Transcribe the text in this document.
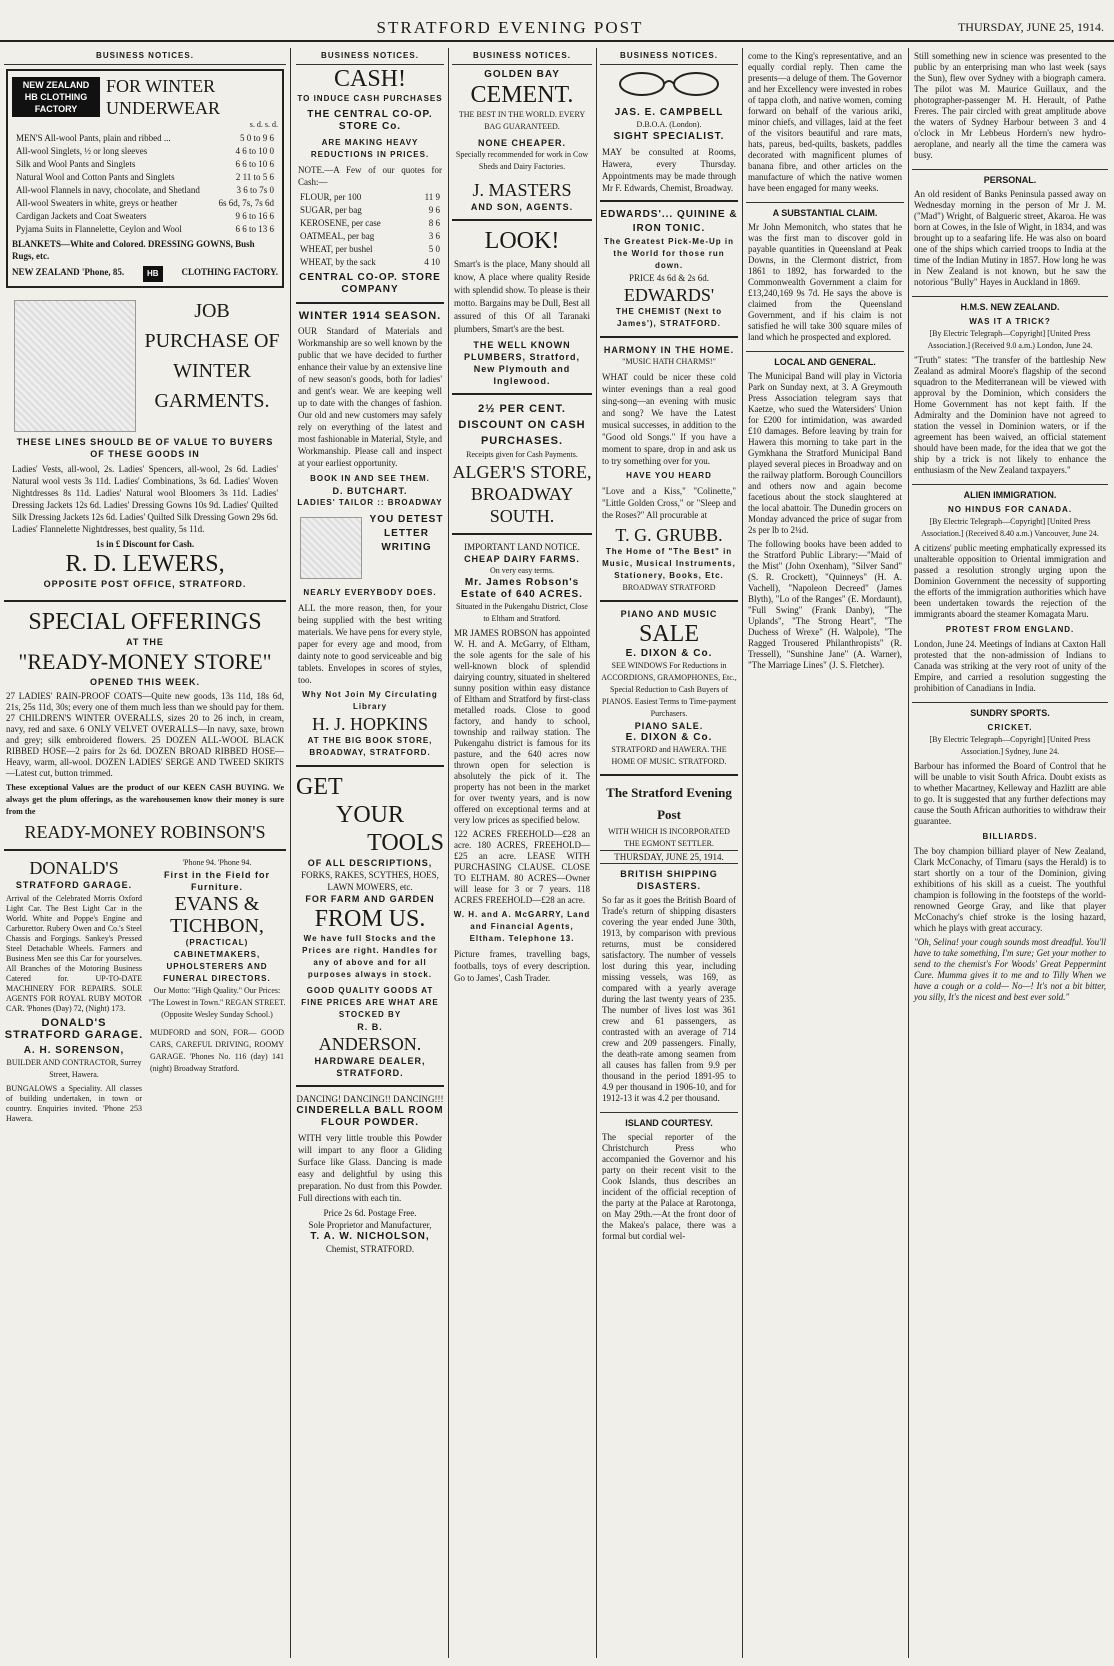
STRATFORD EVENING POST	THURSDAY, JUNE 25, 1914.
BUSINESS NOTICES.
NEW ZEALAND HB CLOTHING FACTORY
FOR WINTER UNDERWEAR
s. d. s. d.
MEN'S All-wool Pants, plain and ribbed ...	5 0 to 9 6
All-wool Singlets, ½ or long sleeves	4 6 to 10 0
Silk and Wool Pants and Singlets	6 6 to 10 6
Natural Wool and Cotton Pants and Singlets	2 11 to 5 6
All-wool Flannels in navy, chocolate, and Shetland	3 6 to 7s 0
All-wool Sweaters in white, greys or heather	6s 6d, 7s, 7s 6d
Cardigan Jackets and Coat Sweaters	9 6 to 16 6
Pyjama Suits in Flannelette, Ceylon and Wool	6 6 to 13 6
BLANKETS—White and Colored. DRESSING GOWNS, Bush Rugs, etc.
NEW ZEALAND 'Phone, 85.	HB	CLOTHING FACTORY.
JOB PURCHASE OF WINTER GARMENTS.
THESE LINES SHOULD BE OF VALUE TO BUYERS OF THESE GOODS IN
Ladies' Vests, all-wool, 2s. Ladies' Spencers, all-wool, 2s 6d. Ladies' Natural wool vests 3s 11d. Ladies' Combinations, 3s 6d. Ladies' Woven Nightdresses 8s 11d. Ladies' Natural wool Bloomers 3s 11d. Ladies' Dressing Jackets 12s 6d. Ladies' Dressing Gowns 10s 9d. Ladies' Quilted Silk Dressing Jackets 12s 6d. Ladies' Quilted Silk Dressing Gown 29s 6d. Ladies' Flannelette Nightdresses, best quality, 5s 11d.
1s in £ Discount for Cash.
R. D. LEWERS,
OPPOSITE POST OFFICE, STRATFORD.
SPECIAL OFFERINGS
AT THE
"READY-MONEY STORE"
OPENED THIS WEEK.
27 LADIES' RAIN-PROOF COATS—Quite new goods, 13s 11d, 18s 6d, 21s, 25s 11d, 30s; every one of them much less than we should pay for them. 27 CHILDREN'S WINTER OVERALLS, sizes 20 to 26 inch, in cream, navy, red and saxe. 6 ONLY VELVET OVERALLS—In navy, saxe, brown and grey; silk embroidered flowers. 25 DOZEN ALL-WOOL BLACK RIBBED HOSE—2 pairs for 2s 6d. DOZEN BROAD RIBBED HOSE—Heavy, warm, all-wool. DOZEN LADIES' SERGE AND TWEED SKIRTS—Latest cut, button trimmed.
These exceptional Values are the product of our KEEN CASH BUYING. We always get the plum offerings, as the warehousemen know their money is sure from the
READY-MONEY ROBINSON'S
DONALD'S
STRATFORD GARAGE.
Arrival of the Celebrated Morris Oxford Light Car. The Best Light Car in the World. White and Poppe's Engine and Carburettor. Rubery Owen and Co.'s Steel Chassis and Forgings. Sankey's Pressed Steel Detachable Wheels. Farmers and Business Men see this Car for yourselves. All Branches of the Motoring Business Catered for. UP-TO-DATE MACHINERY FOR REPAIRS. SOLE AGENTS FOR ROYAL RUBY MOTOR CAR. 'Phones (Day) 72, (Night) 173.
DONALD'S STRATFORD GARAGE.
A. H. SORENSON,
BUILDER AND CONTRACTOR, Surrey Street, Hawera.
BUNGALOWS a Speciality. All classes of building undertaken, in town or country. Enquiries invited. 'Phone 253 Hawera.
'Phone 94. 'Phone 94.
First in the Field for Furniture.
EVANS & TICHBON,
(PRACTICAL) CABINETMAKERS, UPHOLSTERERS AND FUNERAL DIRECTORS.
Our Motto: "High Quality." Our Prices: "The Lowest in Town." REGAN STREET. (Opposite Wesley Sunday School.)
MUDFORD and SON, FOR— GOOD CARS, CAREFUL DRIVING, ROOMY GARAGE. 'Phones No. 116 (day) 141 (night) Broadway Stratford.
BUSINESS NOTICES.
CASH!
TO INDUCE CASH PURCHASES
THE CENTRAL CO-OP. STORE Co.
ARE MAKING HEAVY REDUCTIONS IN PRICES.
NOTE.—A Few of our quotes for Cash:—
FLOUR, per 100	11 9
SUGAR, per bag	9 6
KEROSENE, per case	8 6
OATMEAL, per bag	3 6
WHEAT, per bushel	5 0
WHEAT, by the sack	4 10
CENTRAL CO-OP. STORE COMPANY
WINTER 1914 SEASON.
OUR Standard of Materials and Workmanship are so well known by the public that we have decided to further enhance their value by an extensive line of new season's goods, both for ladies' and gent's wear. We are keeping well up to date with the changes of fashion. Our old and new customers may safely rely on everything of the latest and most fashionable in Material, Style, and Workmanship. Please call and inspect at your earliest opportunity.
BOOK IN AND SEE THEM.
D. BUTCHART.
LADIES' TAILOR :: BROADWAY
YOU DETEST LETTER WRITING
NEARLY EVERYBODY DOES.
ALL the more reason, then, for your being supplied with the best writing materials. We have pens for every style, paper for every age and mood, from dainty note to good serviceable and big tablets. Envelopes in scores of styles, too.
Why Not Join My Circulating Library
H. J. HOPKINS
AT THE BIG BOOK STORE, BROADWAY, STRATFORD.
GET
YOUR
TOOLS
OF ALL DESCRIPTIONS,
FORKS, RAKES, SCYTHES, HOES, LAWN MOWERS, etc.
FOR FARM AND GARDEN
FROM US.
We have full Stocks and the Prices are right. Handles for any of above and for all purposes always in stock.
GOOD QUALITY GOODS AT FINE PRICES ARE WHAT ARE STOCKED BY
R. B.
ANDERSON.
HARDWARE DEALER, STRATFORD.
DANCING! DANCING!! DANCING!!!
CINDERELLA BALL ROOM FLOUR POWDER.
WITH very little trouble this Powder will impart to any floor a Gliding Surface like Glass. Dancing is made easy and delightful by using this preparation. No dust from this Powder. Full directions with each tin.
Price 2s 6d. Postage Free.
Sole Proprietor and Manufacturer,
T. A. W. NICHOLSON,
Chemist, STRATFORD.
BUSINESS NOTICES.
GOLDEN BAY
CEMENT.
THE BEST IN THE WORLD. EVERY BAG GUARANTEED.
NONE CHEAPER.
Specially recommended for work in Cow Sheds and Dairy Factories.
J. MASTERS
AND SON, AGENTS.
LOOK!
Smart's is the place, Many should all know, A place where quality Reside with splendid show. To please is their motto. Bargains may be Dull, Best all assured of this Of all Taranaki plumbers, Smart's are the best.
THE WELL KNOWN PLUMBERS, Stratford, New Plymouth and Inglewood.
2½ PER CENT. DISCOUNT ON CASH PURCHASES.
Receipts given for Cash Payments.
ALGER'S STORE, BROADWAY SOUTH.
IMPORTANT LAND NOTICE.
CHEAP DAIRY FARMS.
On very easy terms.
Mr. James Robson's Estate of 640 ACRES.
Situated in the Pukengahu District, Close to Eltham and Stratford.
MR JAMES ROBSON has appointed W. H. and A. McGarry, of Eltham, the sole agents for the sale of his well-known block of splendid dairying country, situated in sheltered sunny position within easy distance of Eltham and Stratford by first-class metalled roads. Close to good factory, and handy to school, township and railway station. The Pukengahu district is famous for its pasture, and the 640 acres now thrown open for selection is absolutely the pick of it. The property has not been in the market for over twenty years, and is now offered on exceptional terms and at very low prices as specified below.
122 ACRES FREEHOLD—£28 an acre. 180 ACRES, FREEHOLD—£25 an acre. LEASE WITH PURCHASING CLAUSE. CLOSE TO ELTHAM. 80 ACRES—Owner will lease for 3 or 7 years. 118 ACRES FREEHOLD—£28 an acre.
W. H. and A. McGARRY, Land and Financial Agents, Eltham. Telephone 13.
Picture frames, travelling bags, footballs, toys of every description. Go to James', Cash Trader.
BUSINESS NOTICES.
JAS. E. CAMPBELL
D.B.O.A. (London).
SIGHT SPECIALIST.
MAY be consulted at Rooms, Hawera, every Thursday. Appointments may be made through Mr F. Edwards, Chemist, Broadway.
EDWARDS'... QUININE & IRON TONIC.
The Greatest Pick-Me-Up in the World for those run down.
PRICE 4s 6d & 2s 6d.
EDWARDS'
THE CHEMIST (Next to James'), STRATFORD.
HARMONY IN THE HOME.
"MUSIC HATH CHARMS!"
WHAT could be nicer these cold winter evenings than a real good sing-song—an evening with music and song? We have the Latest musical successes, in addition to the "Good old Songs." If you have a moment to spare, drop in and ask us to try something over for you.
HAVE YOU HEARD
"Love and a Kiss," "Colinette," "Little Golden Cross," or "Sleep and the Roses?" All procurable at
T. G. GRUBB.
The Home of "The Best" in Music, Musical Instruments, Stationery, Books, Etc.
BROADWAY STRATFORD
PIANO AND MUSIC
SALE
E. DIXON & Co.
SEE WINDOWS For Reductions in ACCORDIONS, GRAMOPHONES, Etc., Special Reduction to Cash Buyers of PIANOS. Easiest Terms to Time-payment Purchasers.
PIANO SALE.
E. DIXON & Co.
STRATFORD and HAWERA. THE HOME OF MUSIC. STRATFORD.
The Stratford Evening Post
WITH WHICH IS INCORPORATED THE EGMONT SETTLER.
THURSDAY, JUNE 25, 1914.
BRITISH SHIPPING DISASTERS.
So far as it goes the British Board of Trade's return of shipping disasters covering the year ended June 30th, 1913, by comparison with previous returns, must be considered satisfactory. The number of vessels lost during this year, including missing vessels, was 169, as compared with a yearly average during the last twenty years of 235. The number of lives lost was 361 crew and 61 passengers, as contrasted with an average of 714 crew and 209 passengers. Finally, the death-rate among seamen from all causes has fallen from 9.9 per thousand in the period 1891-95 to 4.9 per thousand in 1906-10, and for 1912-13 it was 4.2 per thousand.
ISLAND COURTESY.
The special reporter of the Christchurch Press who accompanied the Governor and his party on their recent visit to the Cook Islands, thus describes an incident of the official reception of the party at the Palace at Rarotonga, on May 29th.—At the front door of the Makea's palace, there was a formal but cordial wel-
come to the King's representative, and an equally cordial reply. Then came the presents—a deluge of them. The Governor and her Excellency were invested in robes of tappa cloth, and native women, coming forward on behalf of the various ariki, minor chiefs, and villages, laid at the feet of the visitors beautiful and rare mats, hats, pareus, bed-quilts, baskets, paddles decorated with magnificent plumes of banana fibre, and other articles on the manufacture of which the native women have been engaged for many weeks.
A SUBSTANTIAL CLAIM.
Mr John Memonitch, who states that he was the first man to discover gold in payable quantities in Queensland at Peak Downs, in the Clermont district, from 1861 to 1892, has forwarded to the Commonwealth Government a claim for £13,240,169 9s 7d. He says the above is claimed from the Queensland Government, and if his claim is not satisfied he will take 300 square miles of land which he prospected and explored.
LOCAL AND GENERAL.
The Municipal Band will play in Victoria Park on Sunday next, at 3. A Greymouth Press Association telegram says that Kaetze, who sued the Watersiders' Union for £200 for intimidation, was awarded £10 damages. Before leaving by train for Hawera this morning to take part in the Gymkhana the Stratford Municipal Band played several pieces in Broadway and on the railway platform. Borough Councillors and others now and again become facetious about the stock slaughtered at the local abattoir. The Dunedin grocers on Monday advanced the price of sugar from 2s per lb to 2¼d.
The following books have been added to the Stratford Public Library:—"Maid of the Mist" (John Oxenham), "Silver Sand" (S. R. Crockett), "Quinneys" (H. A. Vachell), "Napoleon Decreed" (James Blyth), "Lo of the Ranges" (E. Mordaunt), "Full Swing" (Frank Danby), "The Uplands", "The Strong Heart", "The Duchess of Wrexe" (H. Walpole), "The Ragged Trousered Philanthropists" (R. Tressell), "Sunshine Jane" (A. Warner), "The Marriage Lines" (J. S. Fletcher).
Still something new in science was presented to the public by an enterprising man who last week (says the Sun), flew over Sydney with a biograph camera. The pilot was M. Maurice Guillaux, and the photographer-passenger M. H. Herault, of Pathe Freres. The pair circled with great amplitude above the waters of Sydney Harbour between 3 and 4 o'clock in Mr Lebbeus Hordern's new hydro-aeroplane, and nearly all the time the camera was busy.
PERSONAL.
An old resident of Banks Peninsula passed away on Wednesday morning in the person of Mr J. M. ("Mad") Wright, of Balgueric street, Akaroa. He was born at Cowes, in the Isle of Wight, in 1834, and was brought up to a seafaring life. He was also on board one of the ships which carried troops to India at the time of the Indian Mutiny in 1857. How long he was in New Zealand is not known, but he saw the notorious "Bully" Hayes in Auckland in 1869.
H.M.S. NEW ZEALAND.
WAS IT A TRICK?
[By Electric Telegraph—Copyright] [United Press Association.] (Received 9.0 a.m.) London, June 24.
"Truth" states: "The transfer of the battleship New Zealand as admiral Moore's flagship of the second squadron to the Mediterranean will be viewed with approval by the Dominion, which considers the Home Government has not kept faith. If the Admiralty and the Dominion have not agreed to station the vessel in Dominion waters, or if the agreement has been waived, an official statement should have been made, for the idea that we got the ship by a trick is not likely to enhance the enthusiasm of the New Zealand taxpayers."
ALIEN IMMIGRATION.
NO HINDUS FOR CANADA.
[By Electric Telegraph—Copyright] [United Press Association.] (Received 8.40 a.m.) Vancouver, June 24.
A citizens' public meeting emphatically expressed its unalterable opposition to Oriental immigration and passed a resolution strongly urging upon the Dominion Government the necessity of supporting the efforts of the immigration authorities which have been undertaken towards the rejection of the immigrants aboard the steamer Komagata Maru.
PROTEST FROM ENGLAND.
London, June 24. Meetings of Indians at Caxton Hall protested that the non-admission of Indians to Canada was striking at the very root of unity of the Empire, and carried a resolution suggesting the prohibition of Canadians in India.
SUNDRY SPORTS.
CRICKET.
[By Electric Telegraph—Copyright] [United Press Association.] Sydney, June 24.
Barbour has informed the Board of Control that he will be unable to visit South Africa. Doubt exists as to whether Macartney, Kelleway and Hazlitt are able to go. It is suggested that any further defections may cause the South African authorities to withdraw their guarantee.
BILLIARDS.
The boy champion billiard player of New Zealand, Clark McConachy, of Timaru (says the Herald) is to start shortly on a tour of the Dominion, giving exhibitions of his skill as a cueist. The youthful champion is following in the footsteps of the world-renowned George Gray, and like that player McConachy's chief stroke is the losing hazard, which he plays with great accuracy.
"Oh, Selina! your cough sounds most dreadful. You'll have to take something, I'm sure; Get your mother to send to the chemist's For Woods' Great Peppermint Cure. Mumma gives it to me and to Tilly When we have a cough or a cold— No—! It's not a bit bitter, you silly, It's the nicest and best ever sold."
